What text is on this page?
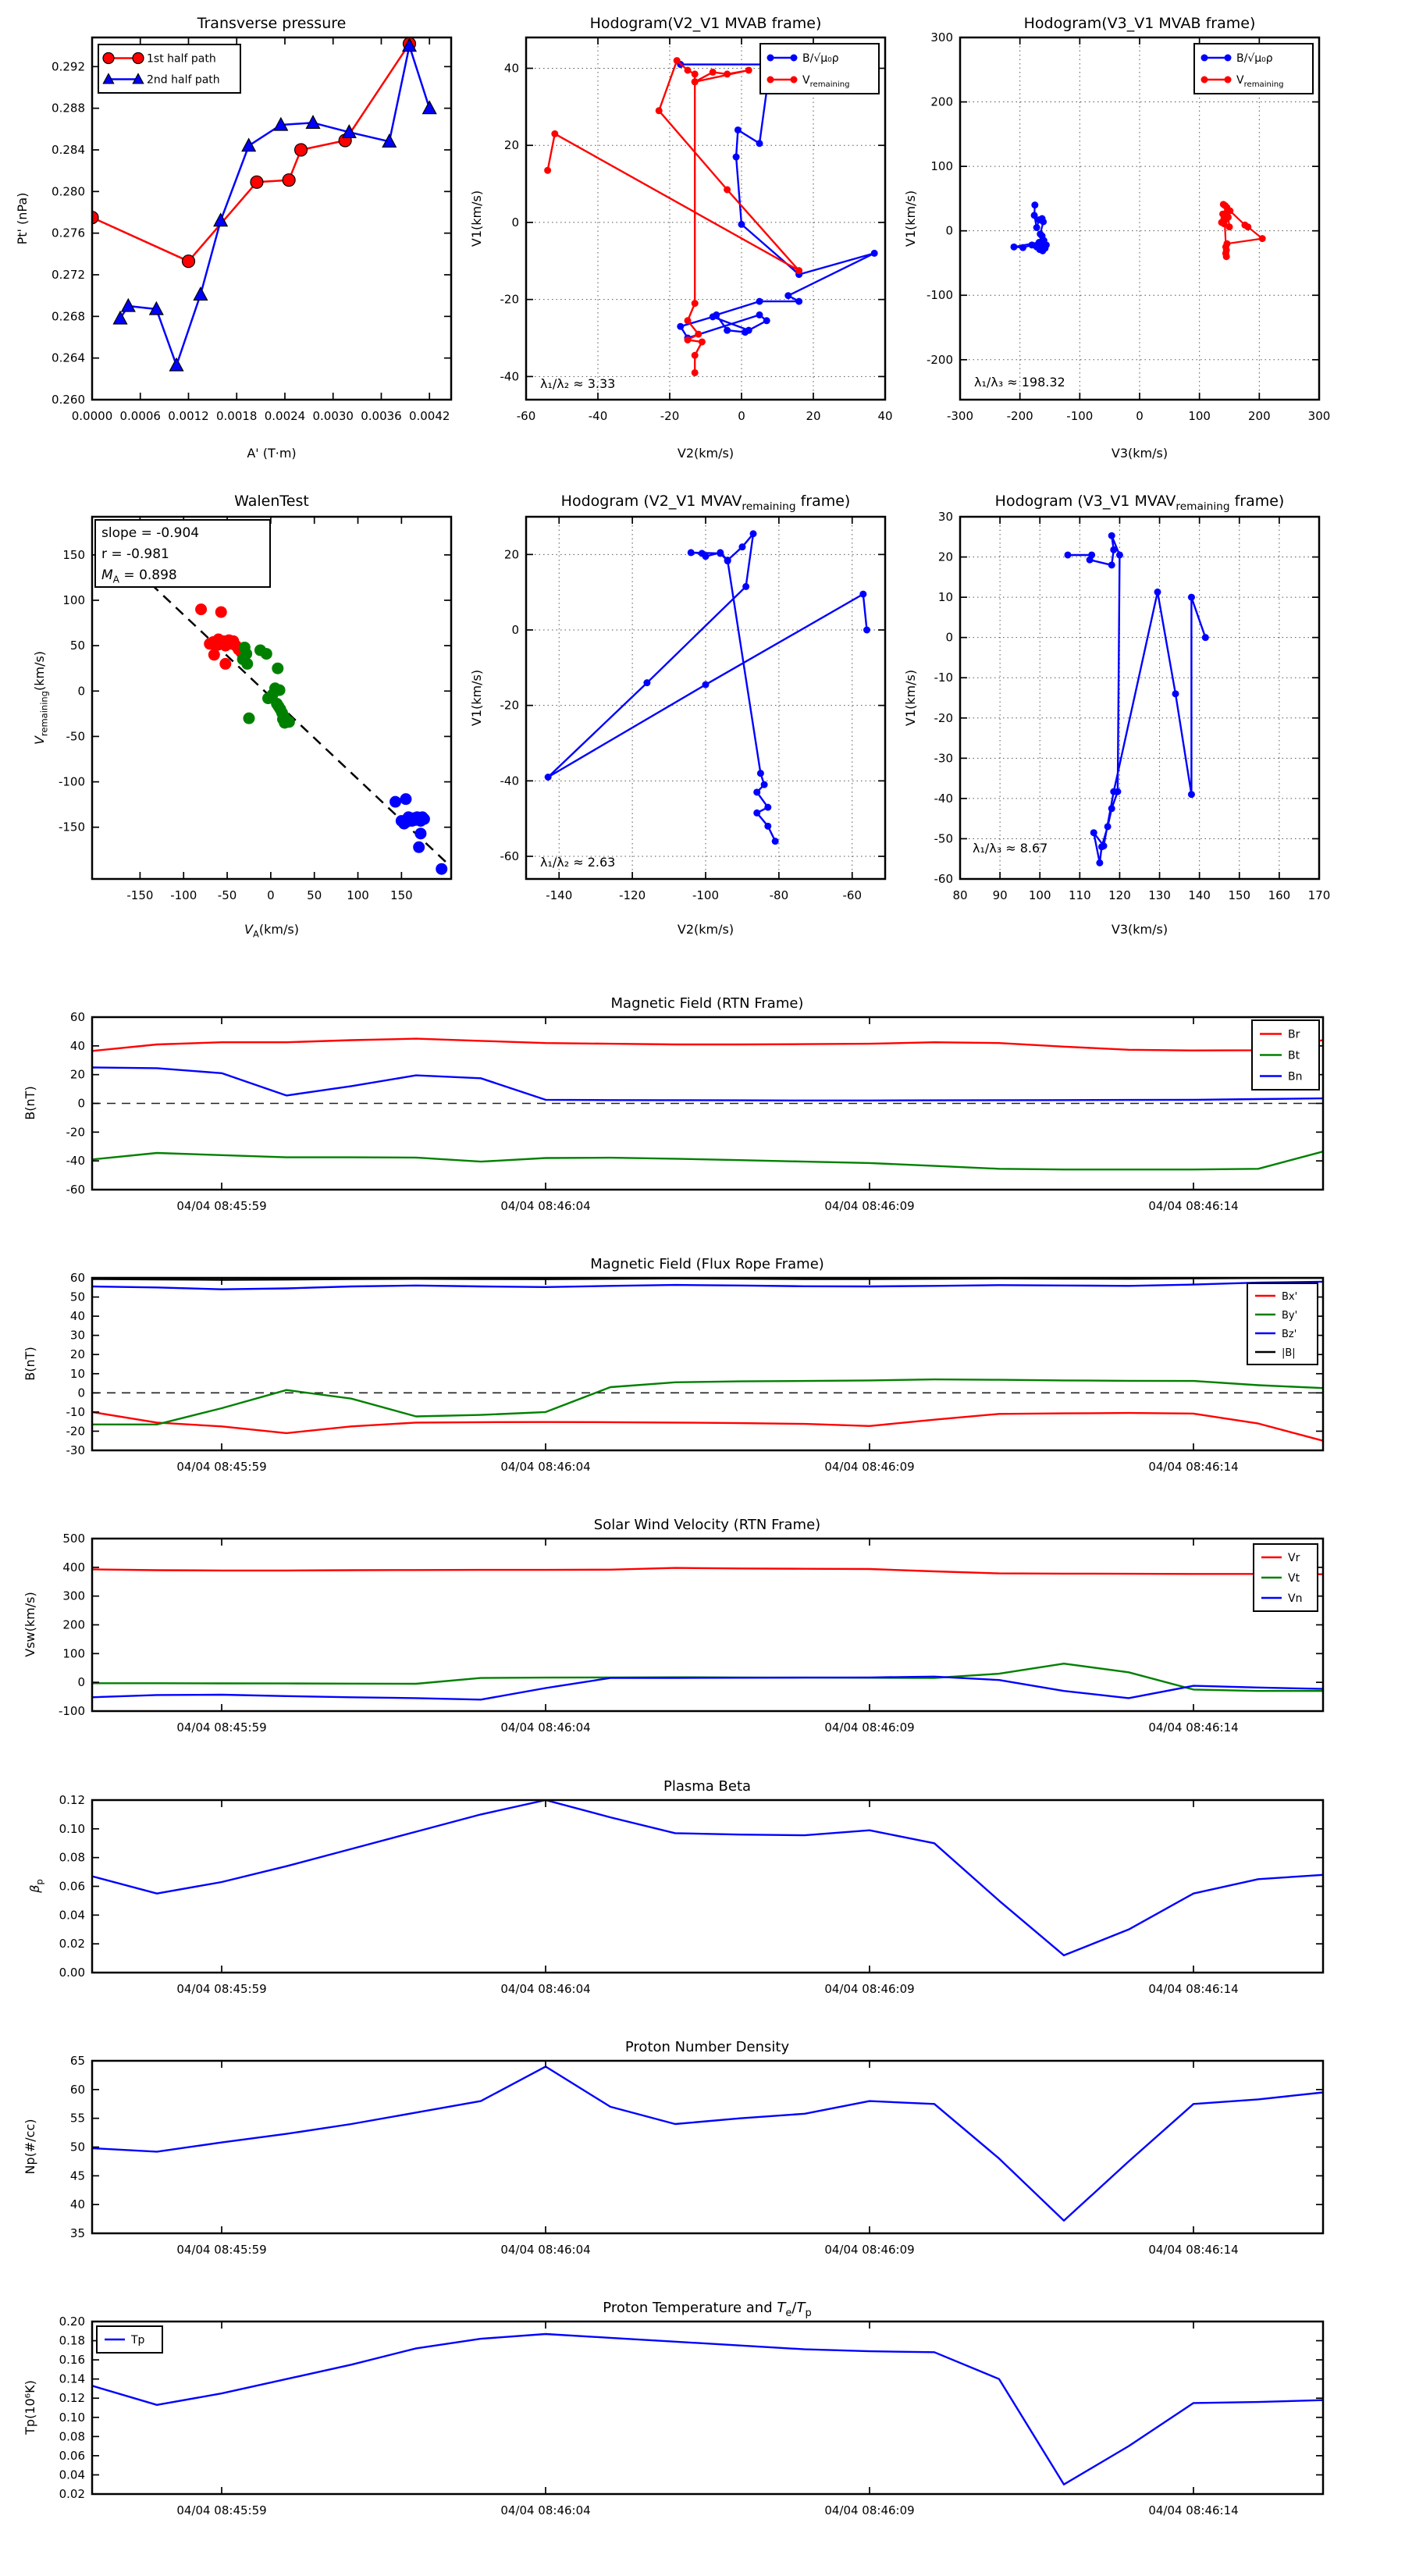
0.0000 0.0006 0.0012 0.0018 0.0024 0.0030 0.0036 0.0042
0.260
0.264
0.268
0.272
0.276
0.280
0.284
0.288
0.292
Transverse pressure
A' (T·m)
Pt' (nPa)
1st half path
2nd half path
-60	-40	-20	0	20	40
-40
-20
0
20
40
Hodogram(V2_V1 MVAB frame)
V2(km/s)
V1(km/s)
λ₁/λ₂ ≈ 3.33
B/√μ₀ρ
$V_{remaining}$
-300	-200	-100	0	100	200	300
-200
-100
0
100
200
300
Hodogram(V3_V1 MVAB frame)
V3(km/s)
V1(km/s)
λ₁/λ₃ ≈ 198.32
B/√μ₀ρ
$V_{remaining}$
-150 -100 -50	0	50 100 150
-150
-100
-50
0
50
100
150
WalenTest
$V_A(km/s)$
$V_{remaining}(km/s)$
slope = -0.904
r = -0.981
$M_A = 0.898$
-140	-120	-100	-80	-60
-60
-40
-20
0
20
Hodogram (V2_V1 $MVAV_{remaining}$ frame)
V2(km/s)
V1(km/s)
λ₁/λ₂ ≈ 2.63
80 90 100 110 120 130 140 150 160 170
-60
-50
-40
-30
-20
-10
0
10
20
30
Hodogram (V3_V1 $MVAV_{remaining}$ frame)
V3(km/s)
V1(km/s)
λ₁/λ₃ ≈ 8.67
04/04 08:45:59	04/04 08:46:04	04/04 08:46:09	04/04 08:46:14
-60
-40
-20
0
20
40
60
Magnetic Field (RTN Frame)
B(nT)
Br
Bt
Bn
04/04 08:45:59	04/04 08:46:04	04/04 08:46:09	04/04 08:46:14
-30
-20
-10
0
10
20
30
40
50
60
Magnetic Field (Flux Rope Frame)
B(nT)
Bx'
By'
Bz'
|B|
04/04 08:45:59	04/04 08:46:04	04/04 08:46:09	04/04 08:46:14
-100
0
100
200
300
400
500
Solar Wind Velocity (RTN Frame)
Vsw(km/s)
Vr
Vt
Vn
04/04 08:45:59	04/04 08:46:04	04/04 08:46:09	04/04 08:46:14
0.00
0.02
0.04
0.06
0.08
0.10
0.12
Plasma Beta
$\beta_p$
04/04 08:45:59	04/04 08:46:04	04/04 08:46:09	04/04 08:46:14
35
40
45
50
55
60
65
Proton Number Density
Np(#/cc)
04/04 08:45:59	04/04 08:46:04	04/04 08:46:09	04/04 08:46:14
0.02
0.04
0.06
0.08
0.10
0.12
0.14
0.16
0.18
0.20
Proton Temperature and $T_e/T_p$
Tp(10⁶K)
Tp
